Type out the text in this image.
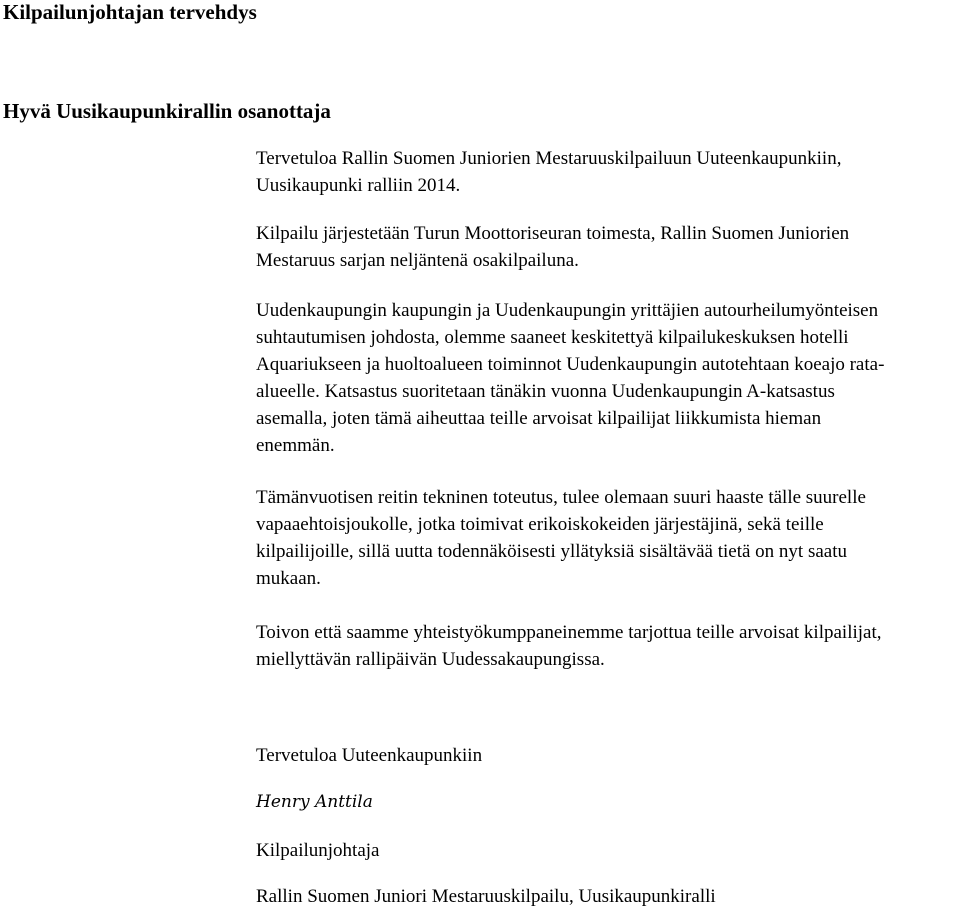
Kilpailunjohtajan tervehdys
Hyvä Uusikaupunkirallin osanottaja

Tervetuloa Rallin Suomen Juniorien Mestaruuskilpailuun Uuteenkaupunkiin,
Uusikaupunki ralliin 2014.

Kilpailu järjestetään Turun Moottoriseuran toimesta, Rallin Suomen Juniorien
Mestaruus sarjan neljäntenä osakilpailuna.

Uudenkaupungin kaupungin ja Uudenkaupungin yrittäjien autourheilumyönteisen
suhtautumisen johdosta, olemme saaneet keskitettyä kilpailukeskuksen hotelli
Aquariukseen ja huoltoalueen toiminnot Uudenkaupungin autotehtaan koeajo rata-
alueelle. Katsastus suoritetaan tänäkin vuonna Uudenkaupungin A-katsastus
asemalla, joten tämä aiheuttaa teille arvoisat kilpailijat liikkumista hieman
enemmän.

Tämänvuotisen reitin tekninen toteutus, tulee olemaan suuri haaste tälle suurelle
vapaaehtoisjoukolle, jotka toimivat erikoiskokeiden järjestäjinä, sekä teille
kilpailijoille, sillä uutta todennäköisesti yllätyksiä sisältävää tietä on nyt saatu
mukaan.

Toivon että saamme yhteistyökumppaneinemme tarjottua teille arvoisat kilpailijat,
miellyttävän rallipäivän Uudessakaupungissa.

Tervetuloa Uuteenkaupunkiin

Henry Anttila

Kilpailunjohtaja

Rallin Suomen Juniori Mestaruuskilpailu, Uusikaupunkiralli
